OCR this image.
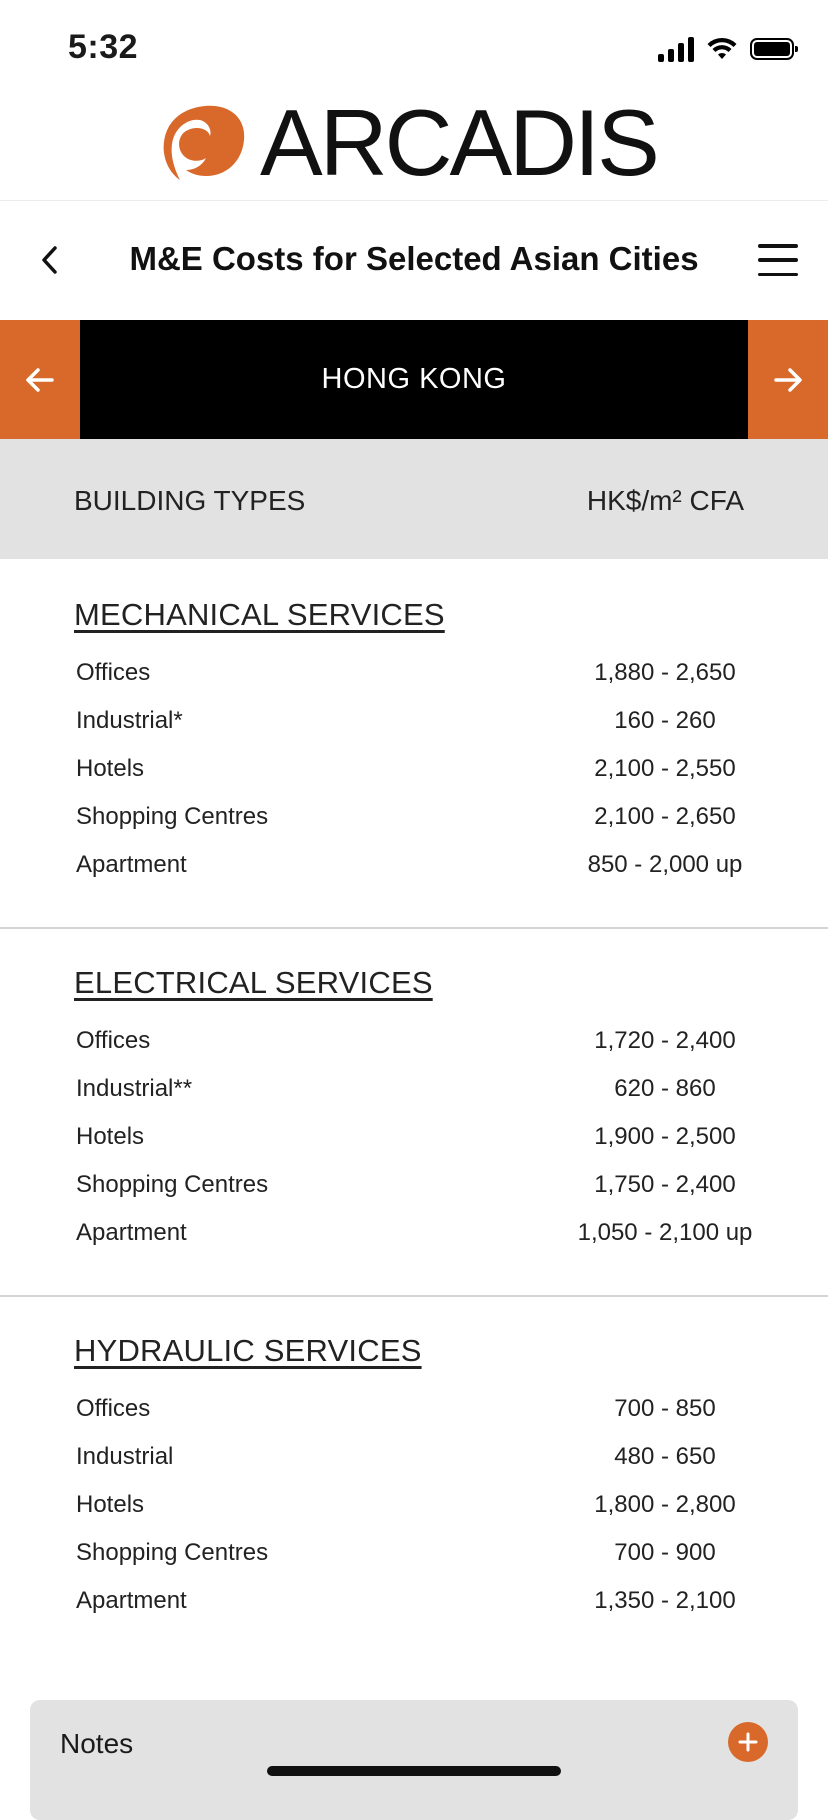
5:32
ARCADIS
M&E Costs for Selected Asian Cities
HONG KONG
BUILDING TYPES	HK$/m² CFA
MECHANICAL SERVICES
Offices	1,880 - 2,650
Industrial*	160 - 260
Hotels	2,100 - 2,550
Shopping Centres	2,100 - 2,650
Apartment	850 - 2,000 up
ELECTRICAL SERVICES
Offices	1,720 - 2,400
Industrial**	620 - 860
Hotels	1,900 - 2,500
Shopping Centres	1,750 - 2,400
Apartment	1,050 - 2,100 up
HYDRAULIC SERVICES
Offices	700 - 850
Industrial	480 - 650
Hotels	1,800 - 2,800
Shopping Centres	700 - 900
Apartment	1,350 - 2,100
Notes
